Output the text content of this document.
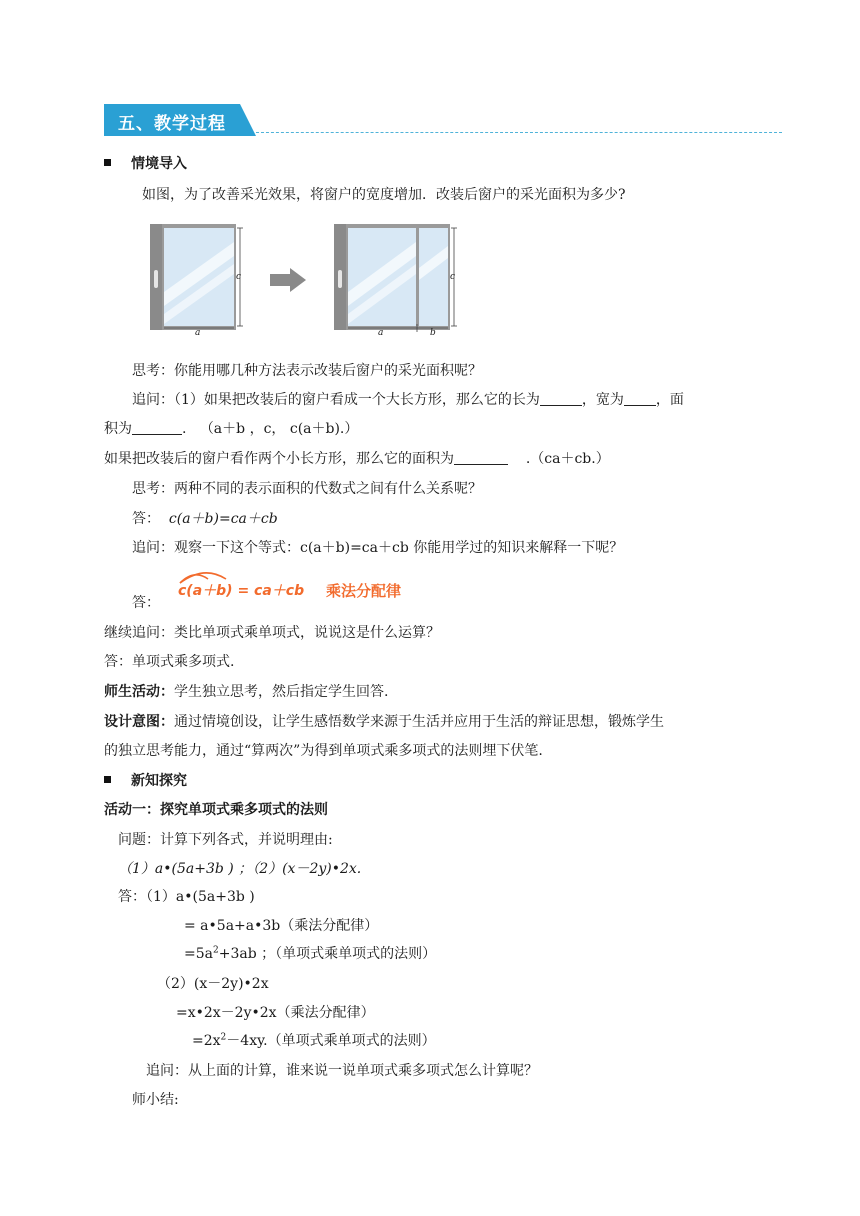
五、教学过程
情境导入
如图，为了改善采光效果，将窗户的宽度增加．改装后窗户的采光面积为多少?
a
c
a	b
c
思考：你能用哪几种方法表示改装后窗户的采光面积呢？
追问：（1）如果把改装后的窗户看成一个大长方形，那么它的长为	，宽为 ，面
积为	. （a＋b ，c， c(a＋b).）
如果把改装后的窗户看作两个小长方形，那么它的面积为	.（ca＋cb.）
思考：两种不同的表示面积的代数式之间有什么关系呢？
答： c(a＋b)=ca＋cb
追问：观察一下这个等式：c(a＋b)=ca＋cb 你能用学过的知识来解释一下呢？
答：
c(a＋b) = ca＋cb 乘法分配律
继续追问：类比单项式乘单项式，说说这是什么运算？
答：单项式乘多项式.
师生活动：学生独立思考，然后指定学生回答.
设计意图：通过情境创设，让学生感悟数学来源于生活并应用于生活的辩证思想，锻炼学生
的独立思考能力，通过“算两次”为得到单项式乘多项式的法则埋下伏笔.
新知探究
活动一：探究单项式乘多项式的法则
问题：计算下列各式，并说明理由:
（1）a•(5a+3b ) ；（2）(x－2y)•2x.
答：（1）a•(5a+3b )
= a•5a+a•3b（乘法分配律）
$=5a^2+3ab$ ；（单项式乘单项式的法则）
（2）(x－2y)•2x
=x•2x－2y•2x（乘法分配律）
$=2x^2-4xy$.（单项式乘单项式的法则）
追问：从上面的计算，谁来说一说单项式乘多项式怎么计算呢？
师小结:
